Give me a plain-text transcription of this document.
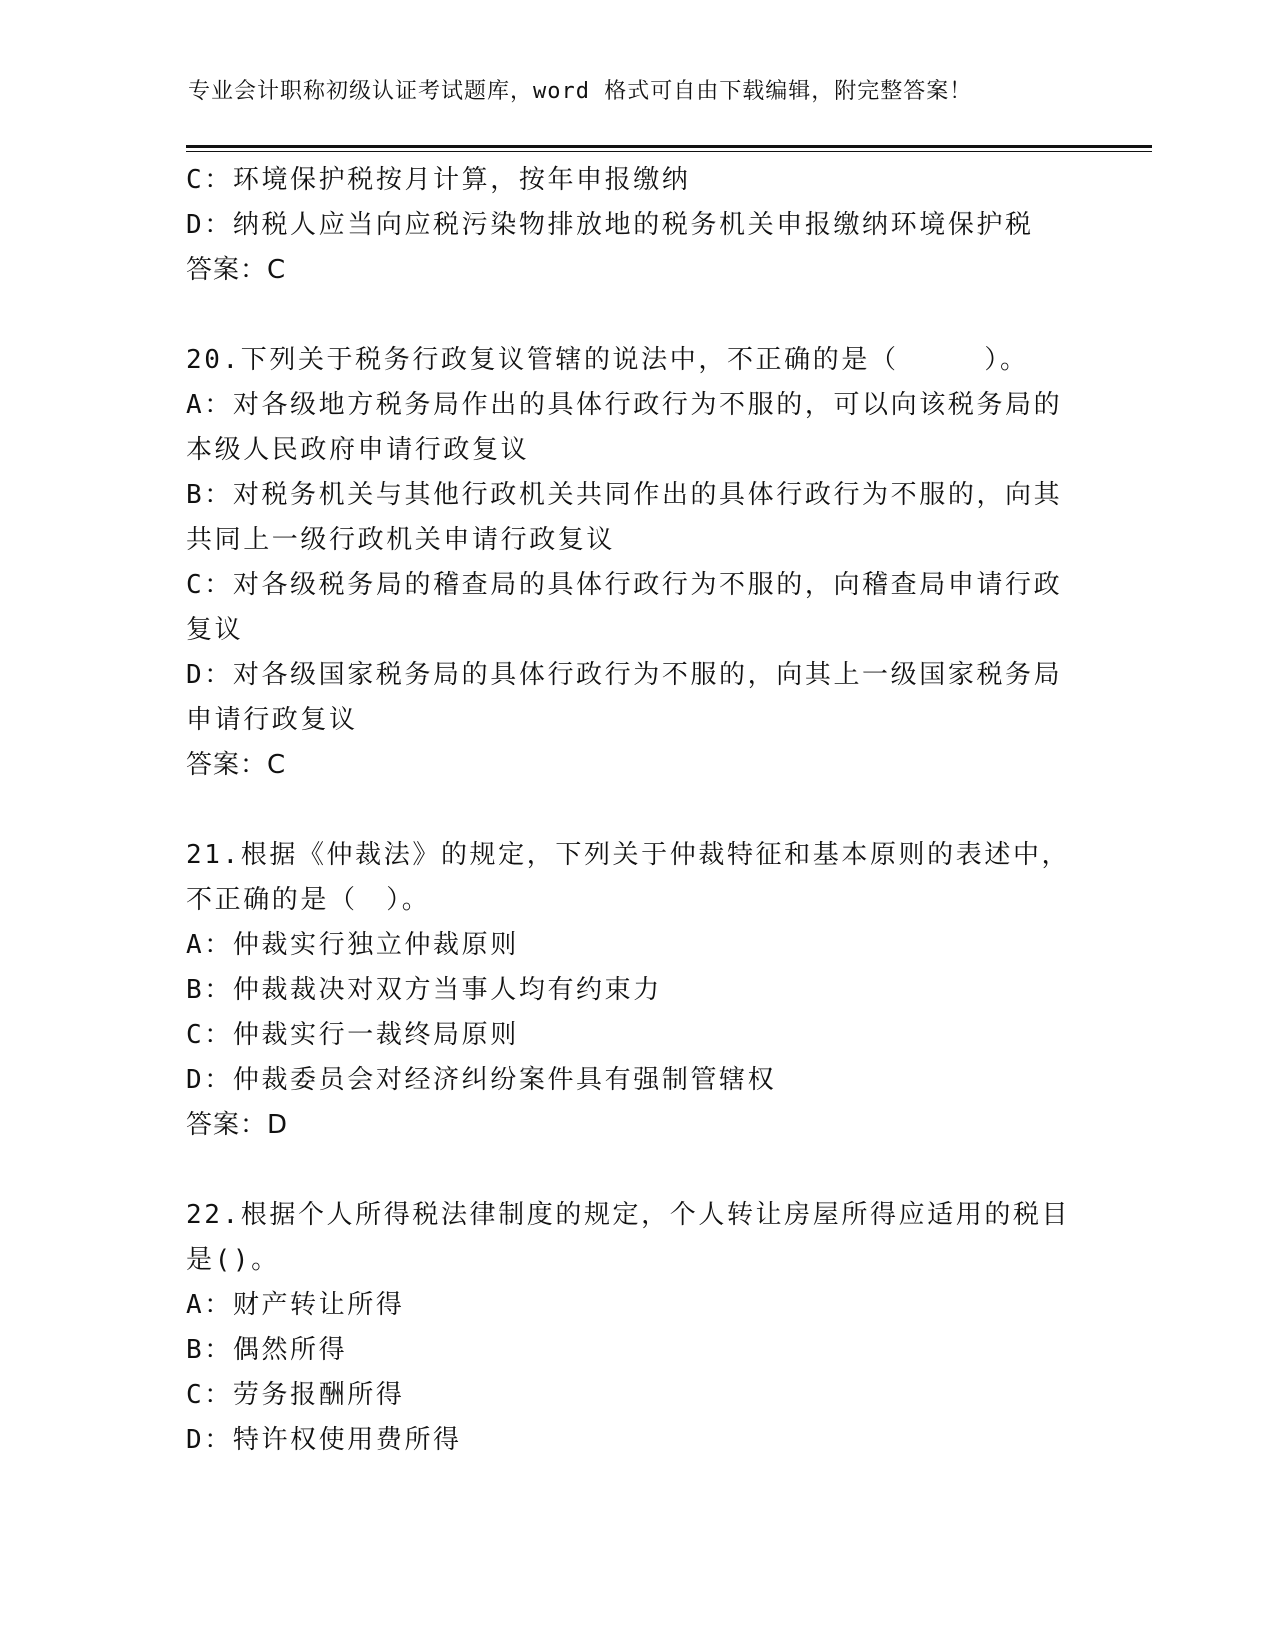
专业会计职称初级认证考试题库，word 格式可自由下载编辑，附完整答案！
C：环境保护税按月计算，按年申报缴纳
D：纳税人应当向应税污染物排放地的税务机关申报缴纳环境保护税
答案：C
20.下列关于税务行政复议管辖的说法中，不正确的是（　　　）。
A：对各级地方税务局作出的具体行政行为不服的，可以向该税务局的
本级人民政府申请行政复议
B：对税务机关与其他行政机关共同作出的具体行政行为不服的，向其
共同上一级行政机关申请行政复议
C：对各级税务局的稽查局的具体行政行为不服的，向稽查局申请行政
复议
D：对各级国家税务局的具体行政行为不服的，向其上一级国家税务局
申请行政复议
答案：C
21.根据《仲裁法》的规定，下列关于仲裁特征和基本原则的表述中，
不正确的是（　）。
A：仲裁实行独立仲裁原则
B：仲裁裁决对双方当事人均有约束力
C：仲裁实行一裁终局原则
D：仲裁委员会对经济纠纷案件具有强制管辖权
答案：D
22.根据个人所得税法律制度的规定，个人转让房屋所得应适用的税目
是()。
A：财产转让所得
B：偶然所得
C：劳务报酬所得
D：特许权使用费所得
